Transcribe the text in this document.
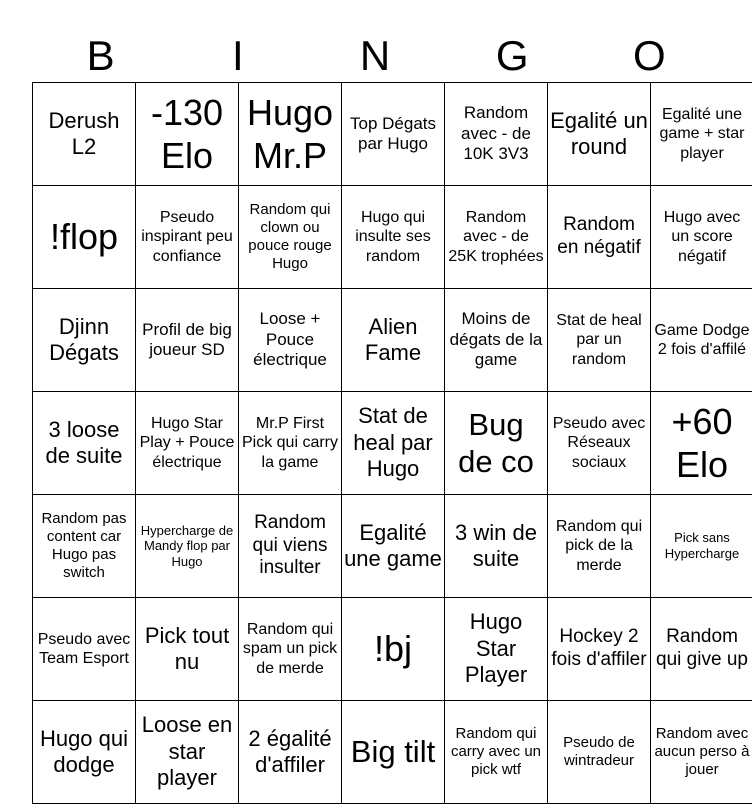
B	I	N	G	O
Derush L2	-130 Elo	Hugo Mr.P	Top Dégats par Hugo	Random avec - de 10K 3V3	Egalité un round	Egalité une game + star player
!flop	Pseudo inspirant peu confiance	Random qui clown ou pouce rouge Hugo	Hugo qui insulte ses random	Random avec - de 25K trophées	Random en négatif	Hugo avec un score négatif
Djinn Dégats	Profil de big joueur SD	Loose + Pouce électrique	Alien Fame	Moins de dégats de la game	Stat de heal par un random	Game Dodge 2 fois d'affilé
3 loose de suite	Hugo Star Play + Pouce électrique	Mr.P First Pick qui carry la game	Stat de heal par Hugo	Bug de co	Pseudo avec Réseaux sociaux	+60 Elo
Random pas content car Hugo pas switch	Hypercharge de Mandy flop par Hugo	Random qui viens insulter	Egalité une game	3 win de suite	Random qui pick de la merde	Pick sans Hypercharge
Pseudo avec Team Esport	Pick tout nu	Random qui spam un pick de merde	!bj	Hugo Star Player	Hockey 2 fois d'affiler	Random qui give up
Hugo qui dodge	Loose en star player	2 égalité d'affiler	Big tilt	Random qui carry avec un pick wtf	Pseudo de wintradeur	Random avec aucun perso à jouer
